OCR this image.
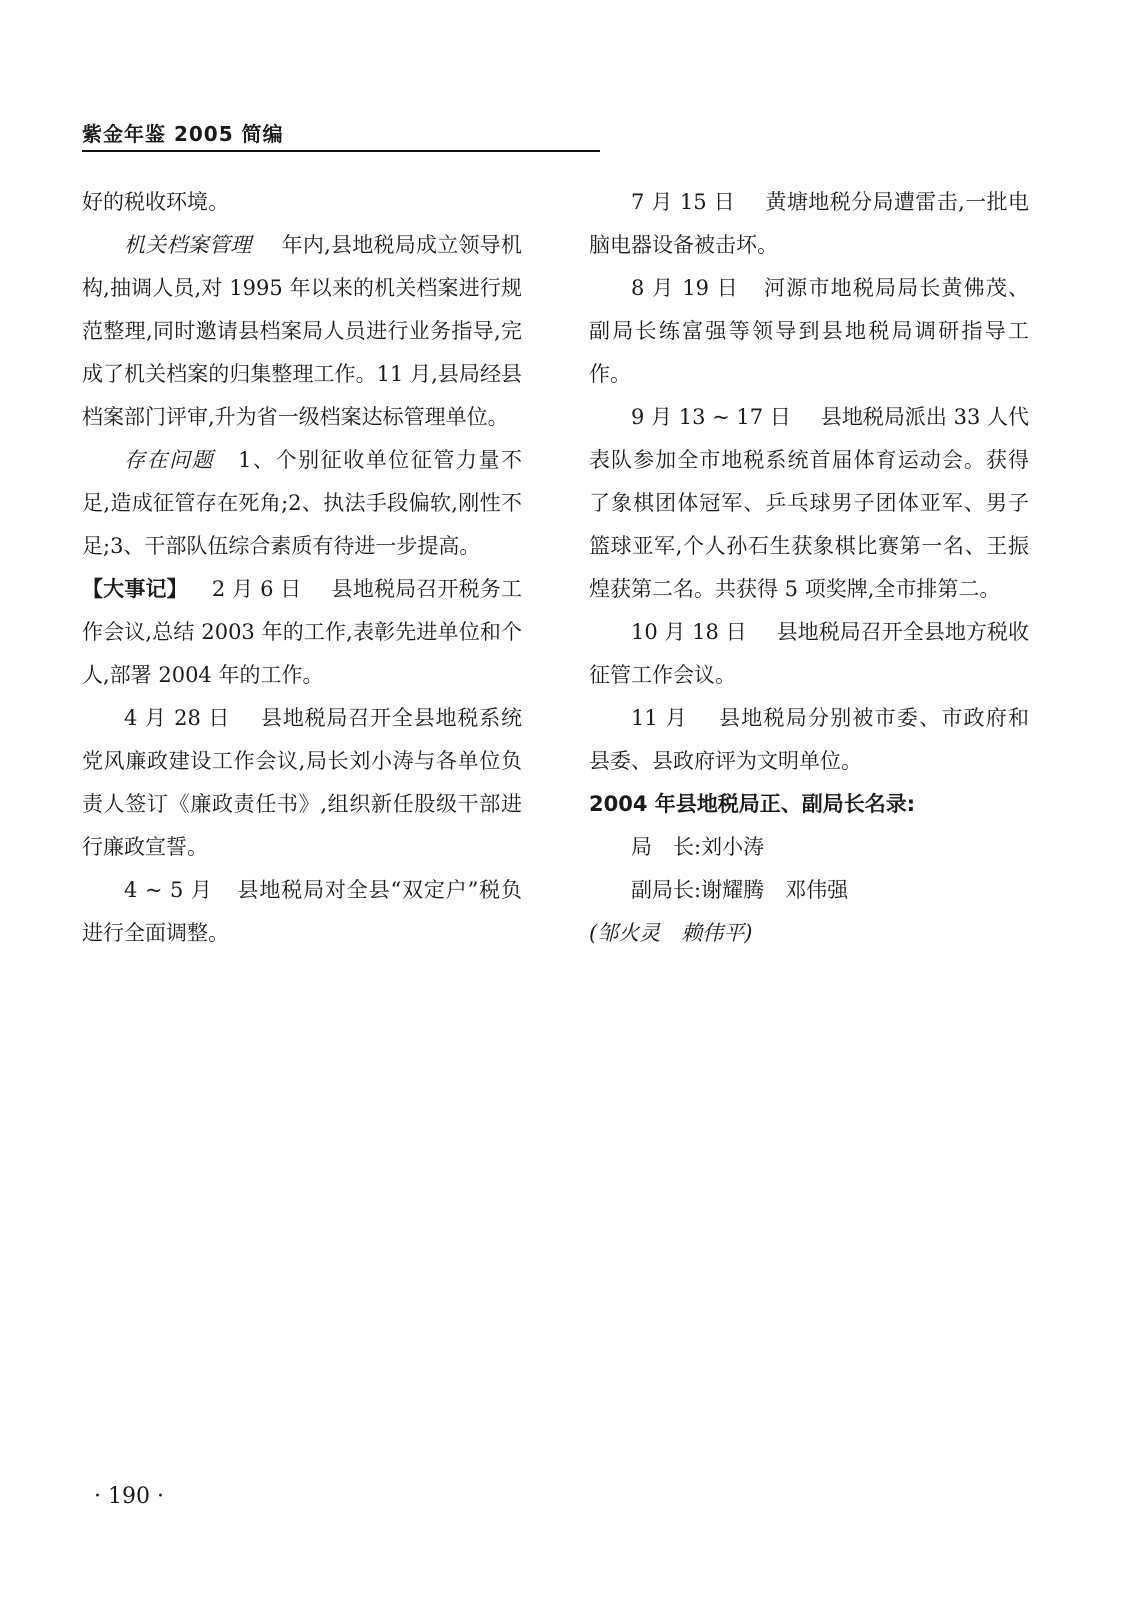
紫金年鉴 2005 简编

好的税收环境。

机关档案管理 年内,县地税局成立领导机构,抽调人员,对 1995 年以来的机关档案进行规范整理,同时邀请县档案局人员进行业务指导,完成了机关档案的归集整理工作。11 月,县局经县档案部门评审,升为省一级档案达标管理单位。

存在问题 1、个别征收单位征管力量不足,造成征管存在死角;2、执法手段偏软,刚性不足;3、干部队伍综合素质有待进一步提高。

【大事记】 2 月 6 日 县地税局召开税务工作会议,总结 2003 年的工作,表彰先进单位和个人,部署 2004 年的工作。

4 月 28 日 县地税局召开全县地税系统党风廉政建设工作会议,局长刘小涛与各单位负责人签订《廉政责任书》,组织新任股级干部进行廉政宣誓。

4 ~ 5 月 县地税局对全县“双定户”税负进行全面调整。

7 月 15 日 黄塘地税分局遭雷击,一批电脑电器设备被击坏。

8 月 19 日 河源市地税局局长黄佛茂、副局长练富强等领导到县地税局调研指导工作。

9 月 13 ~ 17 日 县地税局派出 33 人代表队参加全市地税系统首届体育运动会。获得了象棋团体冠军、乒乓球男子团体亚军、男子篮球亚军,个人孙石生获象棋比赛第一名、王振煌获第二名。共获得 5 项奖牌,全市排第二。

10 月 18 日 县地税局召开全县地方税收征管工作会议。

11 月 县地税局分别被市委、市政府和县委、县政府评为文明单位。

2004 年县地税局正、副局长名录:

局　长:刘小涛

副局长:谢耀腾　邓伟强

(邹火灵　赖伟平)

· 190 ·
